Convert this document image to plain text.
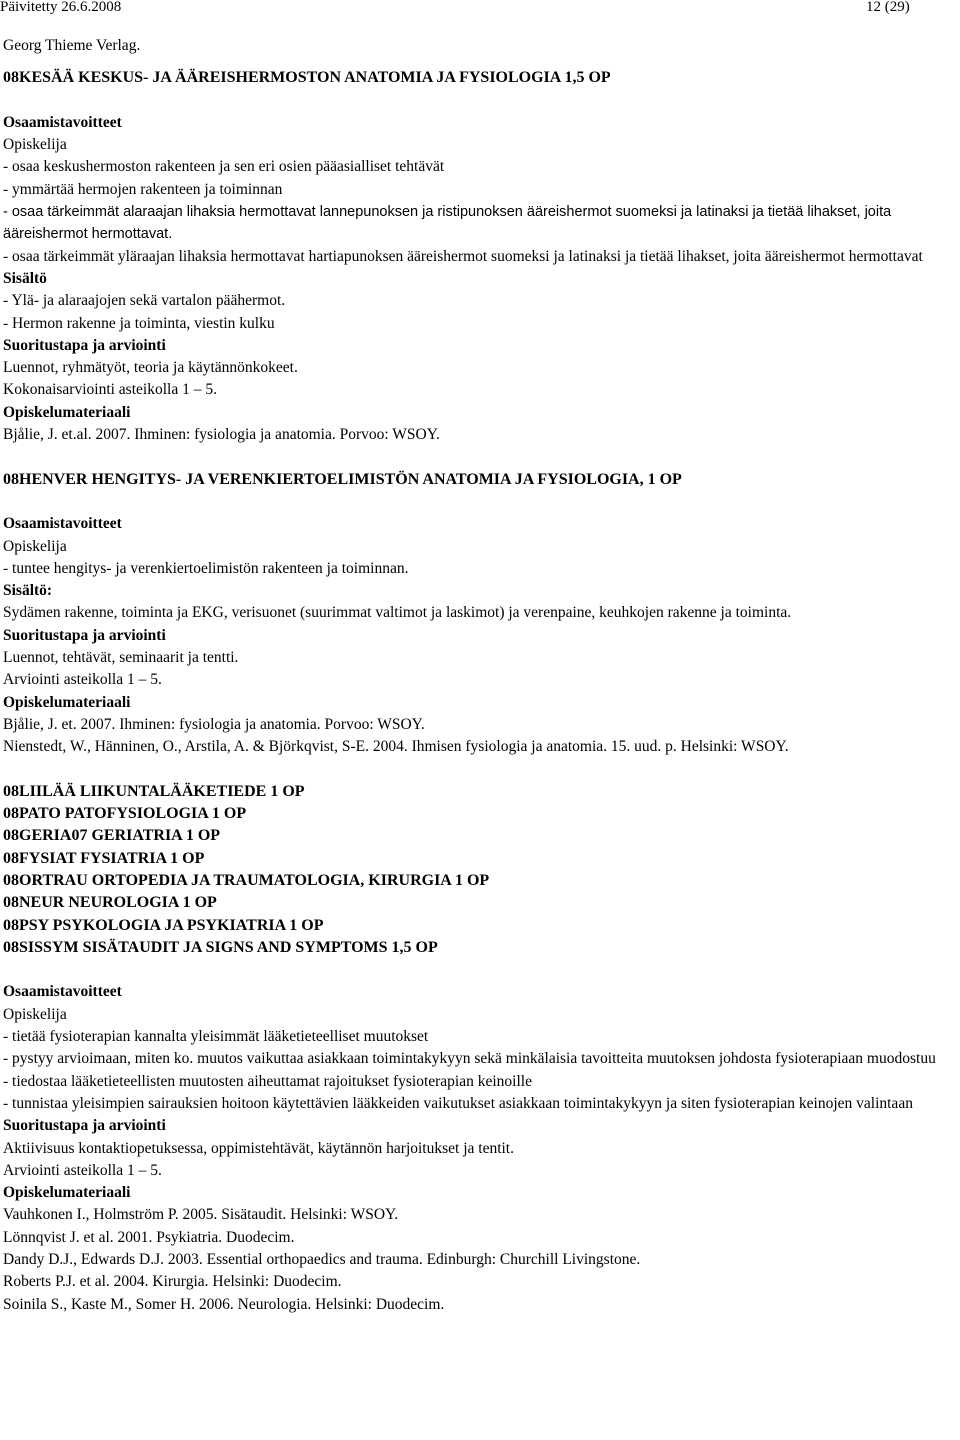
Päivitetty 26.6.2008	12 (29)
Georg Thieme Verlag.
08KESÄÄ KESKUS- JA ÄÄREISHERMOSTON ANATOMIA JA FYSIOLOGIA 1,5 OP
Osaamistavoitteet
Opiskelija
- osaa keskushermoston rakenteen ja sen eri osien pääasialliset tehtävät
- ymmärtää hermojen rakenteen ja toiminnan
- osaa tärkeimmät alaraajan lihaksia hermottavat lannepunoksen ja ristipunoksen ääreishermot suomeksi ja latinaksi ja tietää lihakset, joita ääreishermot hermottavat.
- osaa tärkeimmät yläraajan lihaksia hermottavat hartiapunoksen ääreishermot suomeksi ja latinaksi ja tietää lihakset, joita ääreishermot hermottavat
Sisältö
- Ylä- ja alaraajojen sekä vartalon päähermot.
- Hermon rakenne ja toiminta, viestin kulku
Suoritustapa ja arviointi
Luennot, ryhmätyöt, teoria ja käytännönkokeet.
Kokonaisarviointi asteikolla 1 – 5.
Opiskelumateriaali
Bjålie, J. et.al. 2007. Ihminen: fysiologia ja anatomia. Porvoo: WSOY.
08HENVER HENGITYS- JA VERENKIERTOELIMISTÖN ANATOMIA JA FYSIOLOGIA, 1 OP
Osaamistavoitteet
Opiskelija
- tuntee hengitys- ja verenkiertoelimistön rakenteen ja toiminnan.
Sisältö:
Sydämen rakenne, toiminta ja EKG, verisuonet (suurimmat valtimot ja laskimot) ja verenpaine, keuhkojen rakenne ja toiminta.
Suoritustapa ja arviointi
Luennot, tehtävät, seminaarit ja tentti.
Arviointi asteikolla 1 – 5.
Opiskelumateriaali
Bjålie, J. et. 2007. Ihminen: fysiologia ja anatomia. Porvoo: WSOY.
Nienstedt, W., Hänninen, O., Arstila, A. & Björkqvist, S-E. 2004. Ihmisen fysiologia ja anatomia. 15. uud. p. Helsinki: WSOY.
08LIILÄÄ LIIKUNTALÄÄKETIEDE 1 OP
08PATO PATOFYSIOLOGIA 1 OP
08GERIA07 GERIATRIA 1 OP
08FYSIAT FYSIATRIA 1 OP
08ORTRAU ORTOPEDIA JA TRAUMATOLOGIA, KIRURGIA 1 OP
08NEUR NEUROLOGIA 1 OP
08PSY PSYKOLOGIA JA PSYKIATRIA 1 OP
08SISSYM SISÄTAUDIT JA SIGNS AND SYMPTOMS 1,5 OP
Osaamistavoitteet
Opiskelija
- tietää fysioterapian kannalta yleisimmät lääketieteelliset muutokset
- pystyy arvioimaan, miten ko. muutos vaikuttaa asiakkaan toimintakykyyn sekä minkälaisia tavoitteita muutoksen johdosta fysioterapiaan muodostuu
- tiedostaa lääketieteellisten muutosten aiheuttamat rajoitukset fysioterapian keinoille
- tunnistaa yleisimpien sairauksien hoitoon käytettävien lääkkeiden vaikutukset asiakkaan toimintakykyyn ja siten fysioterapian keinojen valintaan
Suoritustapa ja arviointi
Aktiivisuus kontaktiopetuksessa, oppimistehtävät, käytännön harjoitukset ja tentit.
Arviointi asteikolla 1 – 5.
Opiskelumateriaali
Vauhkonen I., Holmström P. 2005. Sisätaudit. Helsinki: WSOY.
Lönnqvist J. et al. 2001. Psykiatria. Duodecim.
Dandy D.J., Edwards D.J. 2003. Essential orthopaedics and trauma. Edinburgh: Churchill Livingstone.
Roberts P.J. et al. 2004. Kirurgia. Helsinki: Duodecim.
Soinila S., Kaste M., Somer H. 2006. Neurologia. Helsinki: Duodecim.
